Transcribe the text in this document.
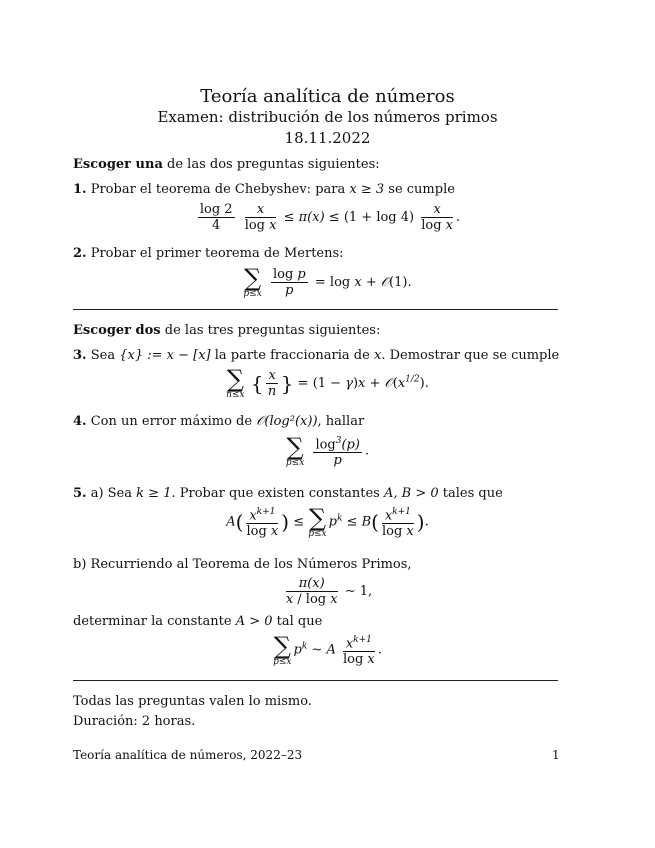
Teoría analítica de números
Examen: distribución de los números primos
18.11.2022
Escoger una de las dos preguntas siguientes:
1. Probar el teorema de Chebyshev: para x ≥ 3 se cumple
$\frac{\log 2}{4}$
$\frac{x}{\text{log x}} \le \pi(x) \le (1 + \log 4) \frac{x}{\text{log x}}$ .
2. Probar el primer teorema de Mertens:
∑
p≤x
$\frac{\text{log p}}{p} = \log x$ + 𝒪(1).
Escoger dos de las tres preguntas siguientes:
3. Sea {x} := x − [x] la parte fraccionaria de x. Demostrar que se cumple
∑
n≤x { $\frac{x}{n}$ } = $(1 - \gamma)x + 𝒪(x^{1/2})$.
4. Con un error máximo de 𝒪(log²(x)), hallar
∑
p≤x
$\frac{\log^3(p)}{p}$ .
5. a) Sea k ≥ 1. Probar que existen constantes A, B > 0 tales que
$A( \frac{x^{k+1}}{\text{log x}}$ ) ≤ ∑
p≤x
$p^k \le B( \frac{x^{k+1}}{\text{log x}}$ ).
b) Recurriendo al Teorema de los Números Primos,
$\frac{\pi(x)}{\text{x / log x}}$ ∼ 1,
determinar la constante A > 0 tal que
∑
p≤x
$p^k$ ∼ A $\frac{x^{k+1}}{\text{log x}}$ .
Todas las preguntas valen lo mismo.
Duración: 2 horas.
Teoría analítica de números, 2022–23	1
